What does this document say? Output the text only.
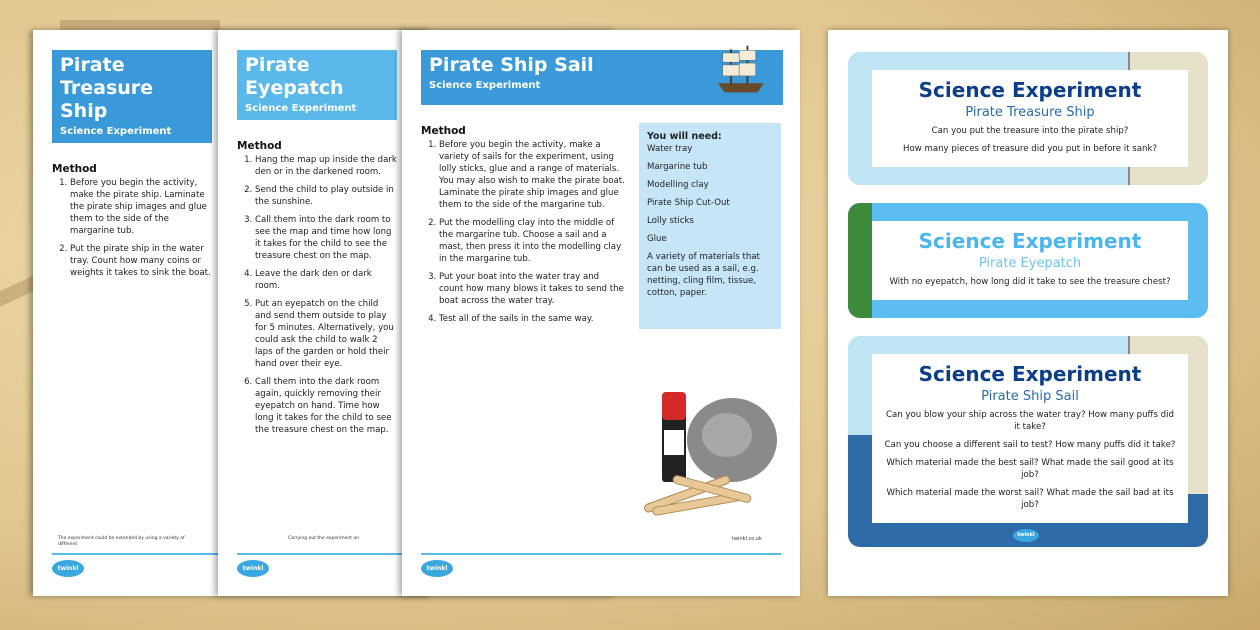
Pirate Treasure Ship
Science Experiment
Method
1. Before you begin the activity, make the pirate ship. Laminate the pirate ship images and glue them to the side of the margarine tub.
2. Put the pirate ship in the water tray. Count how many coins or weights it takes to sink the boat.
The experiment could be extended by using a variety of different
twinkl
Pirate Eyepatch
Science Experiment
Method
1. Hang the map up inside the dark den or in the darkened room.
2. Send the child to play outside in the sunshine.
3. Call them into the dark room to see the map and time how long it takes for the child to see the treasure chest on the map.
4. Leave the dark den or dark room.
5. Put an eyepatch on the child and send them outside to play for 5 minutes. Alternatively, you could ask the child to walk 2 laps of the garden or hold their hand over their eye.
6. Call them into the dark room again, quickly removing their eyepatch on hand. Time how long it takes for the child to see the treasure chest on the map.
Carrying out the experiment on
twinkl
Pirate Ship Sail
Science Experiment
Method
1. Before you begin the activity, make a variety of sails for the experiment, using lolly sticks, glue and a range of materials. You may also wish to make the pirate boat. Laminate the pirate ship images and glue them to the side of the margarine tub.
2. Put the modelling clay into the middle of the margarine tub. Choose a sail and a mast, then press it into the modelling clay in the margarine tub.
3. Put your boat into the water tray and count how many blows it takes to send the boat across the water tray.
4. Test all of the sails in the same way.
You will need:
Water tray
Margarine tub
Modelling clay
Pirate Ship Cut-Out
Lolly sticks
Glue
A variety of materials that can be used as a sail, e.g. netting, cling film, tissue, cotton, paper.
twinkl.co.uk
twinkl
Science Experiment
Pirate Treasure Ship
Can you put the treasure into the pirate ship?
How many pieces of treasure did you put in before it sank?
Science Experiment
Pirate Eyepatch
With no eyepatch, how long did it take to see the treasure chest?
Science Experiment
Pirate Ship Sail
Can you blow your ship across the water tray? How many puffs did it take?
Can you choose a different sail to test? How many puffs did it take?
Which material made the best sail? What made the sail good at its job?
Which material made the worst sail? What made the sail bad at its job?
twinkl
